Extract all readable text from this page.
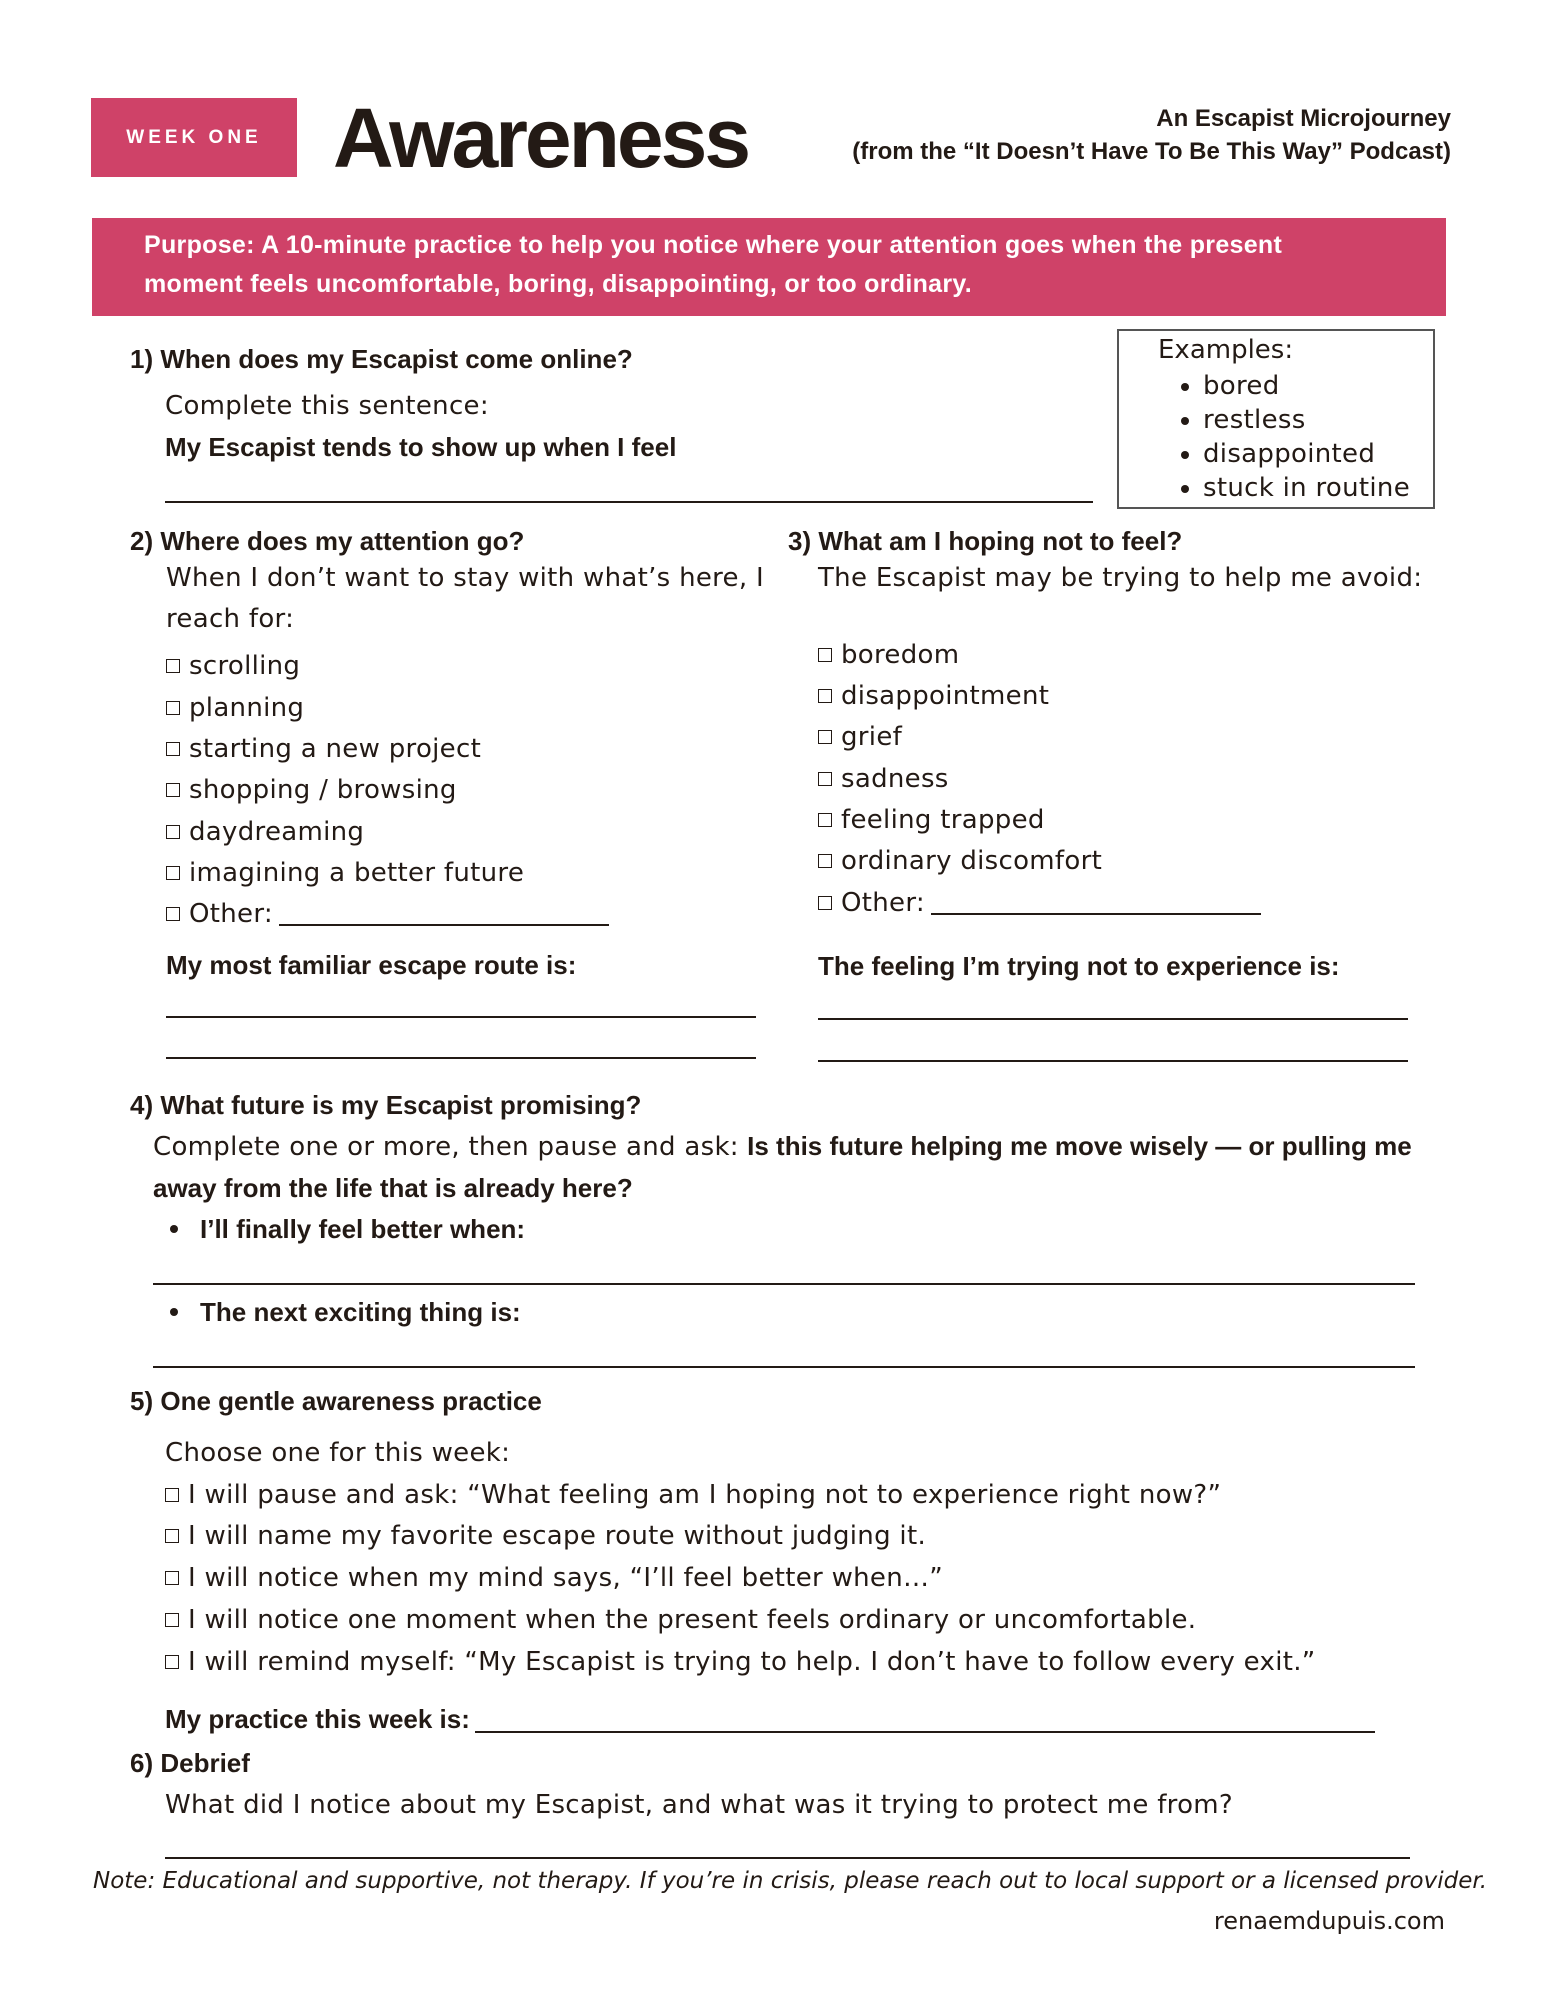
WEEK ONE Awareness	An Escapist Microjourney
(from the “It Doesn’t Have To Be This Way” Podcast)
Purpose: A 10-minute practice to help you notice where your attention goes when the present
moment feels uncomfortable, boring, disappointing, or too ordinary.
1) When does my Escapist come online?
Complete this sentence:
My Escapist tends to show up when I feel
Examples:
• bored
• restless
• disappointed
• stuck in routine
2) Where does my attention go?
When I don’t want to stay with what’s here, I
reach for:
scrolling
planning
starting a new project
shopping / browsing
daydreaming
imagining a better future
Other:
My most familiar escape route is:
3) What am I hoping not to feel?
The Escapist may be trying to help me avoid:
boredom
disappointment
grief
sadness
feeling trapped
ordinary discomfort
Other:
The feeling I’m trying not to experience is:
4) What future is my Escapist promising?
Complete one or more, then pause and ask: Is this future helping me move wisely — or pulling me
away from the life that is already here?
I’ll finally feel better when:
The next exciting thing is:
5) One gentle awareness practice
Choose one for this week:
I will pause and ask: “What feeling am I hoping not to experience right now?”
I will name my favorite escape route without judging it.
I will notice when my mind says, “I’ll feel better when…”
I will notice one moment when the present feels ordinary or uncomfortable.
I will remind myself: “My Escapist is trying to help. I don’t have to follow every exit.”
My practice this week is:
6) Debrief
What did I notice about my Escapist, and what was it trying to protect me from?
Note: Educational and supportive, not therapy. If you’re in crisis, please reach out to local support or a licensed provider.
renaemdupuis.com
